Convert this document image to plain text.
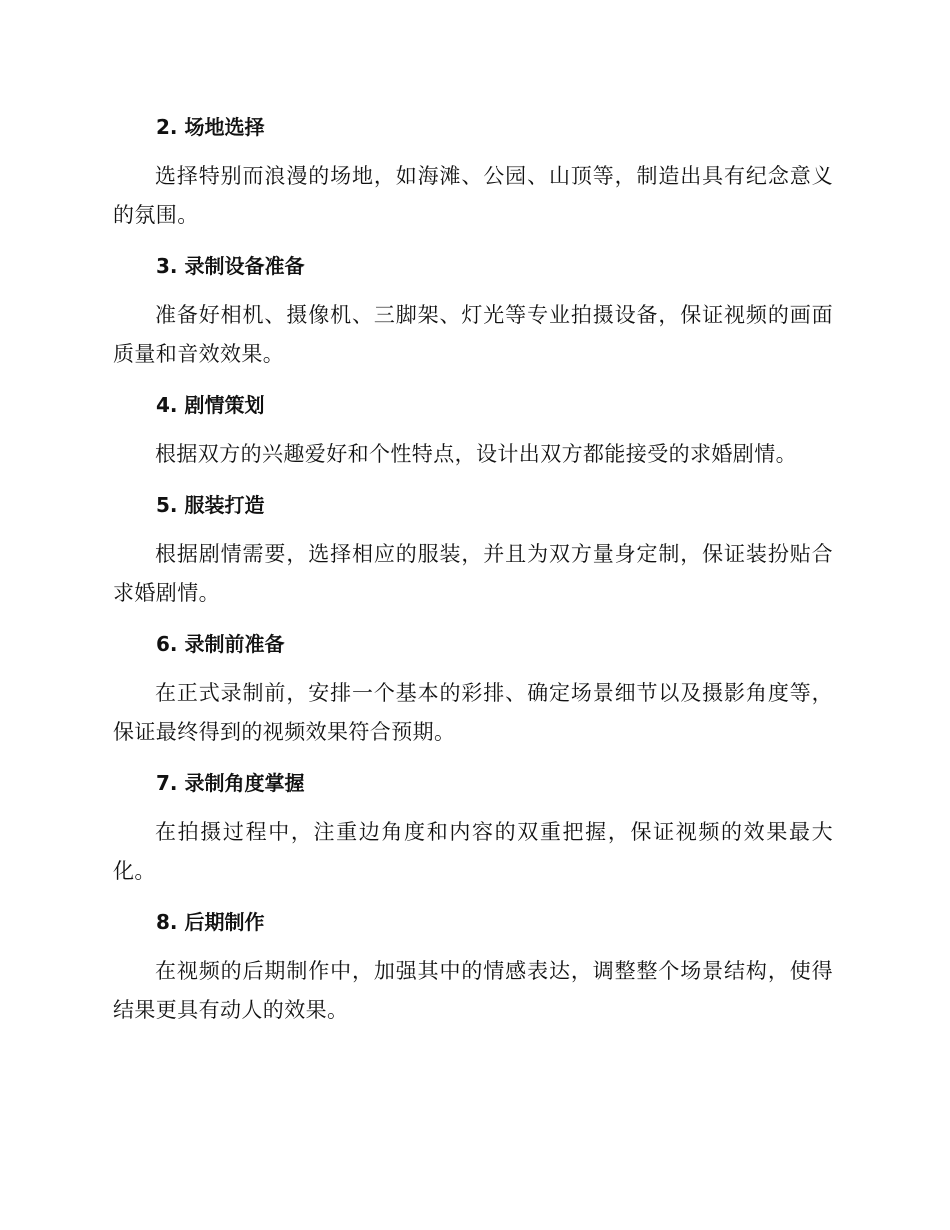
2. 场地选择

选择特别而浪漫的场地，如海滩、公园、山顶等，制造出具有纪念意义的氛围。

3. 录制设备准备

准备好相机、摄像机、三脚架、灯光等专业拍摄设备，保证视频的画面质量和音效效果。

4. 剧情策划

根据双方的兴趣爱好和个性特点，设计出双方都能接受的求婚剧情。

5. 服装打造

根据剧情需要，选择相应的服装，并且为双方量身定制，保证装扮贴合求婚剧情。

6. 录制前准备

在正式录制前，安排一个基本的彩排、确定场景细节以及摄影角度等，保证最终得到的视频效果符合预期。

7. 录制角度掌握

在拍摄过程中，注重边角度和内容的双重把握，保证视频的效果最大化。

8. 后期制作

在视频的后期制作中，加强其中的情感表达，调整整个场景结构，使得结果更具有动人的效果。
